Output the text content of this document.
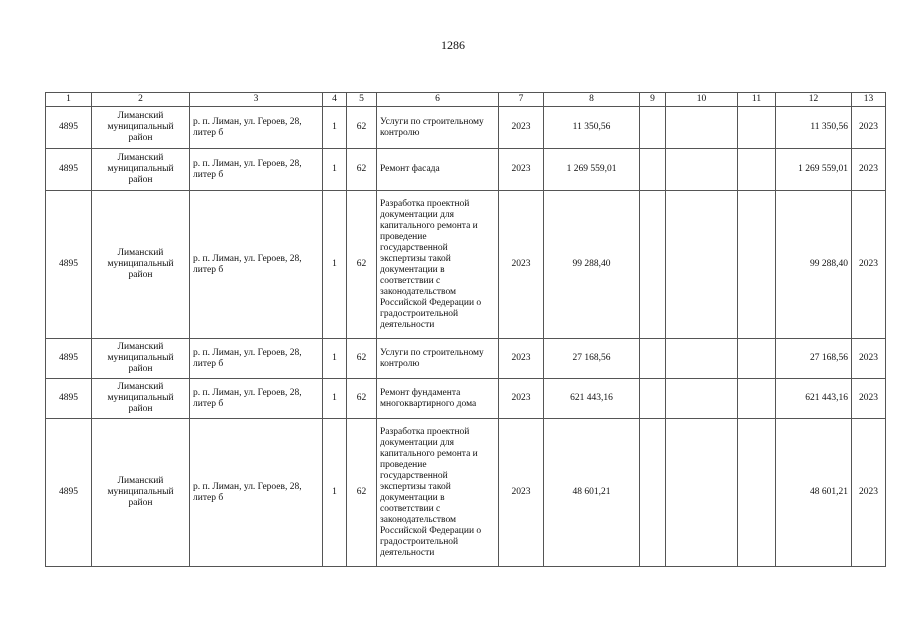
1286
1	2	3	4	5	6	7	8	9	10	11	12	13
4895	Лиманский муниципальный район	р. п. Лиман, ул. Героев, 28, литер б	1	62	Услуги по строительному контролю	2023	11 350,56				11 350,56	2023
4895	Лиманский муниципальный район	р. п. Лиман, ул. Героев, 28, литер б	1	62	Ремонт фасада	2023	1 269 559,01				1 269 559,01	2023
4895	Лиманский муниципальный район	р. п. Лиман, ул. Героев, 28, литер б	1	62	Разработка проектной документации для капитального ремонта и проведение государственной экспертизы такой документации в соответствии с законодательством Российской Федерации о градостроительной деятельности	2023	99 288,40				99 288,40	2023
4895	Лиманский муниципальный район	р. п. Лиман, ул. Героев, 28, литер б	1	62	Услуги по строительному контролю	2023	27 168,56				27 168,56	2023
4895	Лиманский муниципальный район	р. п. Лиман, ул. Героев, 28, литер б	1	62	Ремонт фундамента многоквартирного дома	2023	621 443,16				621 443,16	2023
4895	Лиманский муниципальный район	р. п. Лиман, ул. Героев, 28, литер б	1	62	Разработка проектной документации для капитального ремонта и проведение государственной экспертизы такой документации в соответствии с законодательством Российской Федерации о градостроительной деятельности	2023	48 601,21				48 601,21	2023
